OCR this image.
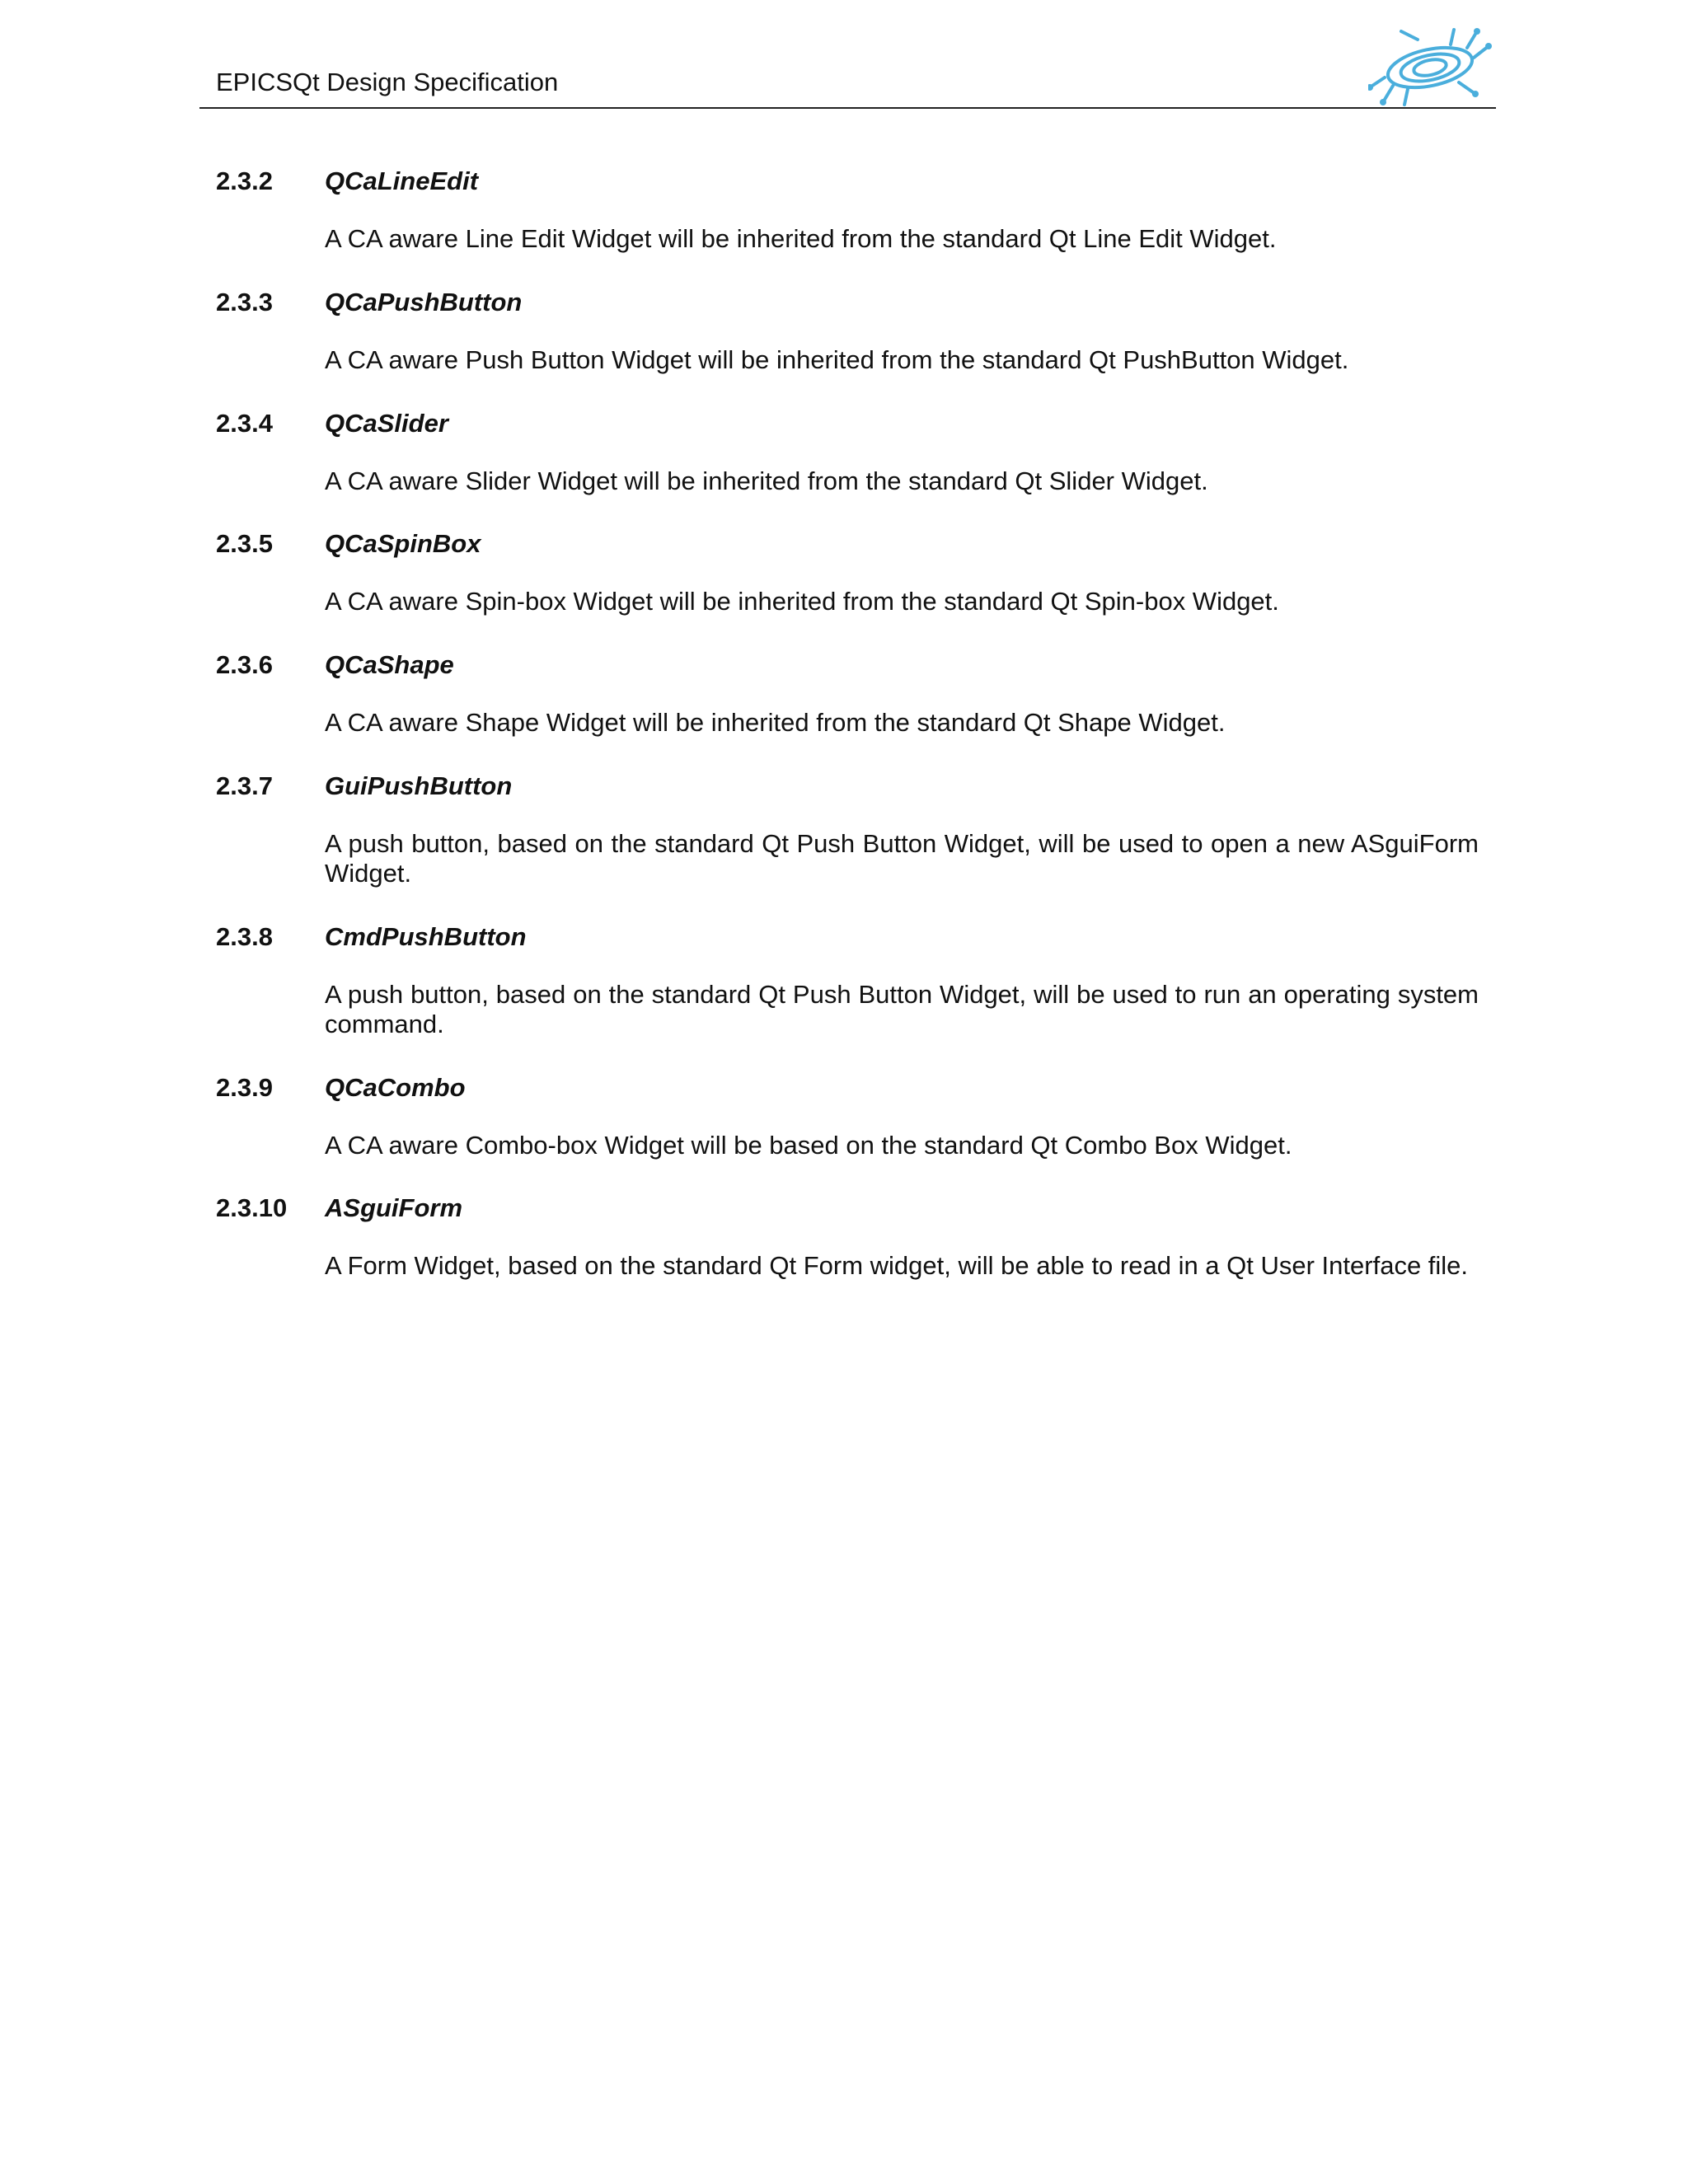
EPICSQt Design Specification
2.3.2 QCaLineEdit
A CA aware Line Edit Widget will be inherited from the standard Qt Line Edit Widget.
2.3.3 QCaPushButton
A CA aware Push Button Widget will be inherited from the standard Qt PushButton Widget.
2.3.4 QCaSlider
A CA aware Slider Widget will be inherited from the standard Qt Slider Widget.
2.3.5 QCaSpinBox
A CA aware Spin-box Widget will be inherited from the standard Qt Spin-box Widget.
2.3.6 QCaShape
A CA aware Shape Widget will be inherited from the standard Qt Shape Widget.
2.3.7 GuiPushButton
A push button, based on the standard Qt Push Button Widget, will be used to open a new ASguiForm Widget.
2.3.8 CmdPushButton
A push button, based on the standard Qt Push Button Widget, will be used to run an operating system command.
2.3.9 QCaCombo
A CA aware Combo-box Widget will be based on the standard Qt Combo Box Widget.
2.3.10 ASguiForm
A Form Widget, based on the standard Qt Form widget, will be able to read in a Qt User Interface file.
